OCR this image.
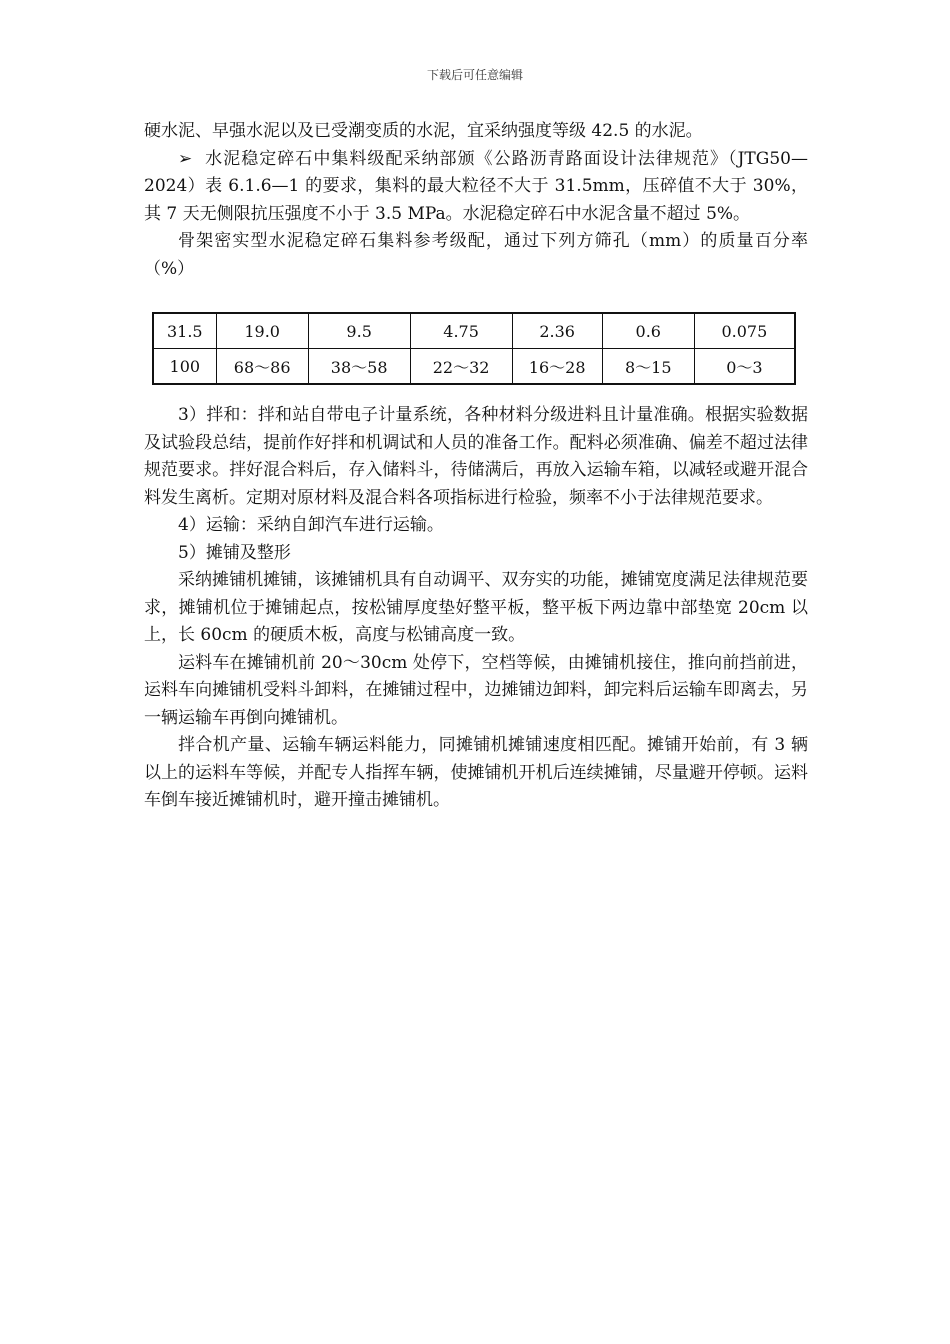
下载后可任意编辑

硬水泥、早强水泥以及已受潮变质的水泥，宜采纳强度等级 42.5 的水泥。

➢ 水泥稳定碎石中集料级配采纳部颁《公路沥青路面设计法律规范》（JTG50—2024）表 6.1.6—1 的要求，集料的最大粒径不大于 31.5mm，压碎值不大于 30%，其 7 天无侧限抗压强度不小于 3.5 MPa。水泥稳定碎石中水泥含量不超过 5%。

骨架密实型水泥稳定碎石集料参考级配，通过下列方筛孔（mm）的质量百分率（%）

31.5	19.0	9.5	4.75	2.36	0.6	0.075
100	68～86	38～58	22～32	16～28	8～15	0～3

3）拌和：拌和站自带电子计量系统，各种材料分级进料且计量准确。根据实验数据及试验段总结，提前作好拌和机调试和人员的准备工作。配料必须准确、偏差不超过法律规范要求。拌好混合料后，存入储料斗，待储满后，再放入运输车箱，以减轻或避开混合料发生离析。定期对原材料及混合料各项指标进行检验，频率不小于法律规范要求。

4）运输：采纳自卸汽车进行运输。

5）摊铺及整形

采纳摊铺机摊铺，该摊铺机具有自动调平、双夯实的功能，摊铺宽度满足法律规范要求，摊铺机位于摊铺起点，按松铺厚度垫好整平板，整平板下两边靠中部垫宽 20cm 以上，长 60cm 的硬质木板，高度与松铺高度一致。

运料车在摊铺机前 20～30cm 处停下，空档等候，由摊铺机接住，推向前挡前进，运料车向摊铺机受料斗卸料，在摊铺过程中，边摊铺边卸料，卸完料后运输车即离去，另一辆运输车再倒向摊铺机。

拌合机产量、运输车辆运料能力，同摊铺机摊铺速度相匹配。摊铺开始前，有 3 辆以上的运料车等候，并配专人指挥车辆，使摊铺机开机后连续摊铺，尽量避开停顿。运料车倒车接近摊铺机时，避开撞击摊铺机。
